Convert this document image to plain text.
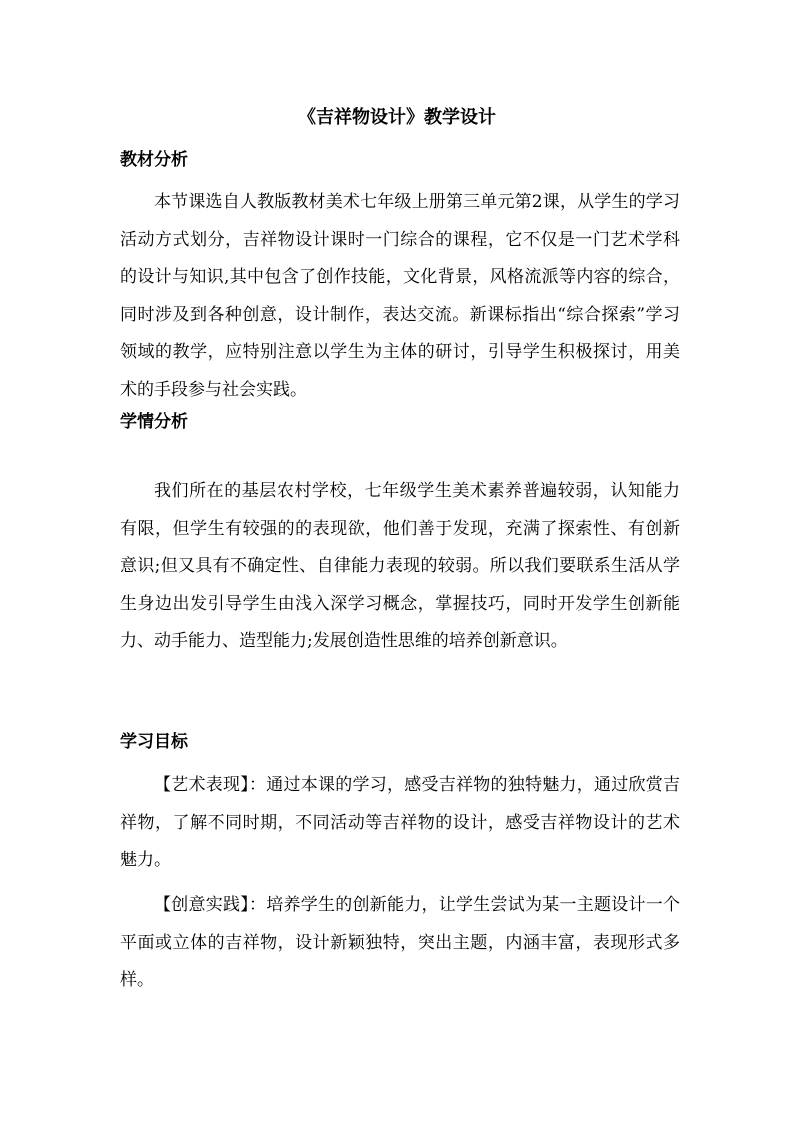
《吉祥物设计》教学设计
教材分析

本节课选自人教版教材美术七年级上册第三单元第2课，从学生的学习活动方式划分，吉祥物设计课时一门综合的课程，它不仅是一门艺术学科的设计与知识,其中包含了创作技能，文化背景，风格流派等内容的综合，同时涉及到各种创意，设计制作，表达交流。新课标指出“综合探索”学习领域的教学，应特别注意以学生为主体的研讨，引导学生积极探讨，用美术的手段参与社会实践。

学情分析

我们所在的基层农村学校，七年级学生美术素养普遍较弱，认知能力有限，但学生有较强的的表现欲，他们善于发现，充满了探索性、有创新意识;但又具有不确定性、自律能力表现的较弱。所以我们要联系生活从学生身边出发引导学生由浅入深学习概念，掌握技巧，同时开发学生创新能力、动手能力、造型能力;发展创造性思维的培养创新意识。

学习目标

【艺术表现】：通过本课的学习，感受吉祥物的独特魅力，通过欣赏吉祥物，了解不同时期，不同活动等吉祥物的设计，感受吉祥物设计的艺术魅力。

【创意实践】：培养学生的创新能力，让学生尝试为某一主题设计一个平面或立体的吉祥物，设计新颖独特，突出主题，内涵丰富，表现形式多样。
